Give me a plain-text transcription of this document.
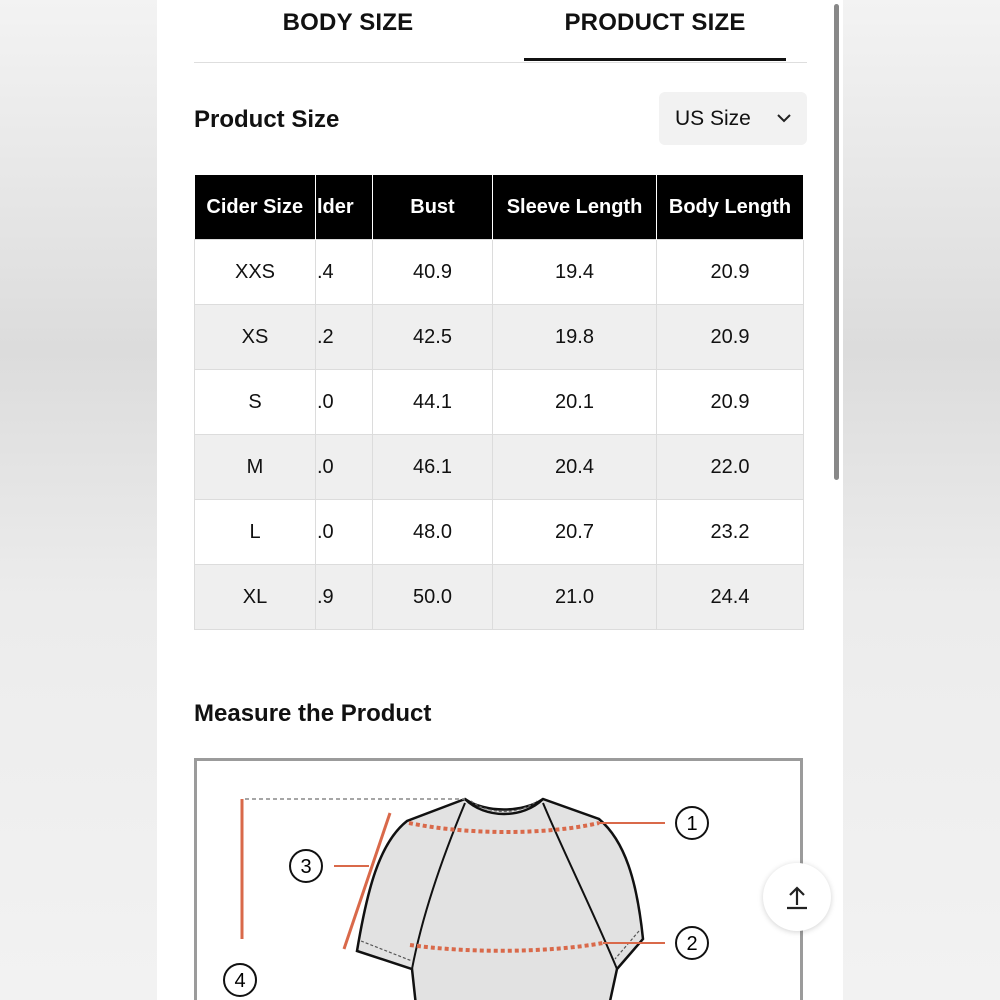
BODY SIZE	PRODUCT SIZE
Product Size	US Size
Cider Size	lder	Bust	Sleeve Length	Body Length
XXS	.4	40.9	19.4	20.9
XS	.2	42.5	19.8	20.9
S	.0	44.1	20.1	20.9
M	.0	46.1	20.4	22.0
L	.0	48.0	20.7	23.2
XL	.9	50.0	21.0	24.4
Measure the Product
1
2
3
4
